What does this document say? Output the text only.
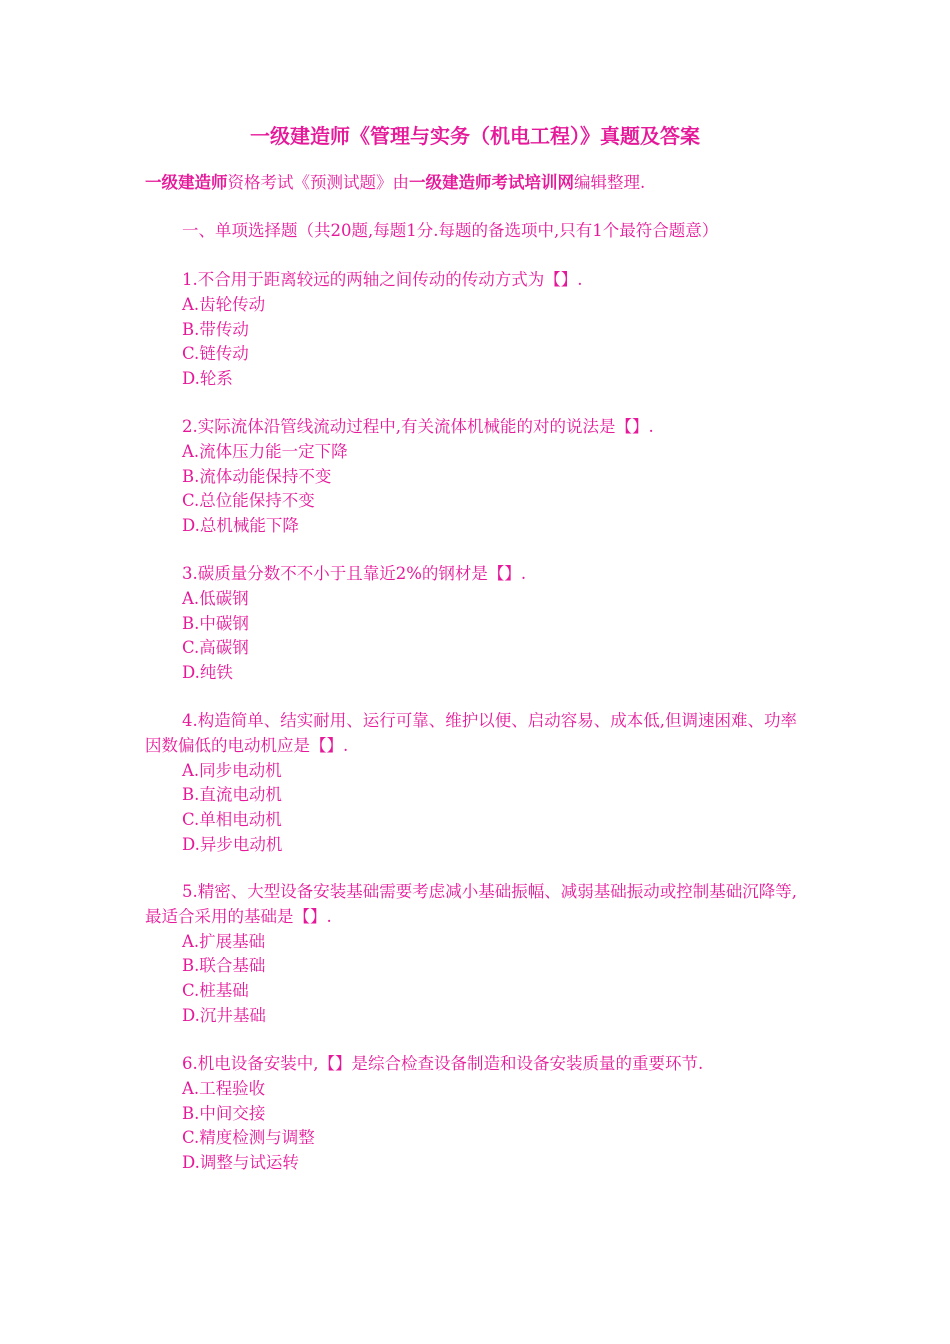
一级建造师《管理与实务（机电工程）》真题及答案

一级建造师资格考试《预测试题》由一级建造师考试培训网编辑整理.

一、单项选择题（共20题,每题1分.每题的备选项中,只有1个最符合题意）

1.不合用于距离较远的两轴之间传动的传动方式为【】.

A.齿轮传动

B.带传动

C.链传动

D.轮系

2.实际流体沿管线流动过程中,有关流体机械能的对的说法是【】.

A.流体压力能一定下降

B.流体动能保持不变

C.总位能保持不变

D.总机械能下降

3.碳质量分数不不小于且靠近2%的钢材是【】.

A.低碳钢

B.中碳钢

C.高碳钢

D.纯铁

4.构造简单、结实耐用、运行可靠、维护以便、启动容易、成本低,但调速困难、功率因数偏低的电动机应是【】.

A.同步电动机

B.直流电动机

C.单相电动机

D.异步电动机

5.精密、大型设备安装基础需要考虑减小基础振幅、减弱基础振动或控制基础沉降等,最适合采用的基础是【】.

A.扩展基础

B.联合基础

C.桩基础

D.沉井基础

6.机电设备安装中,【】是综合检查设备制造和设备安装质量的重要环节.

A.工程验收

B.中间交接

C.精度检测与调整

D.调整与试运转
